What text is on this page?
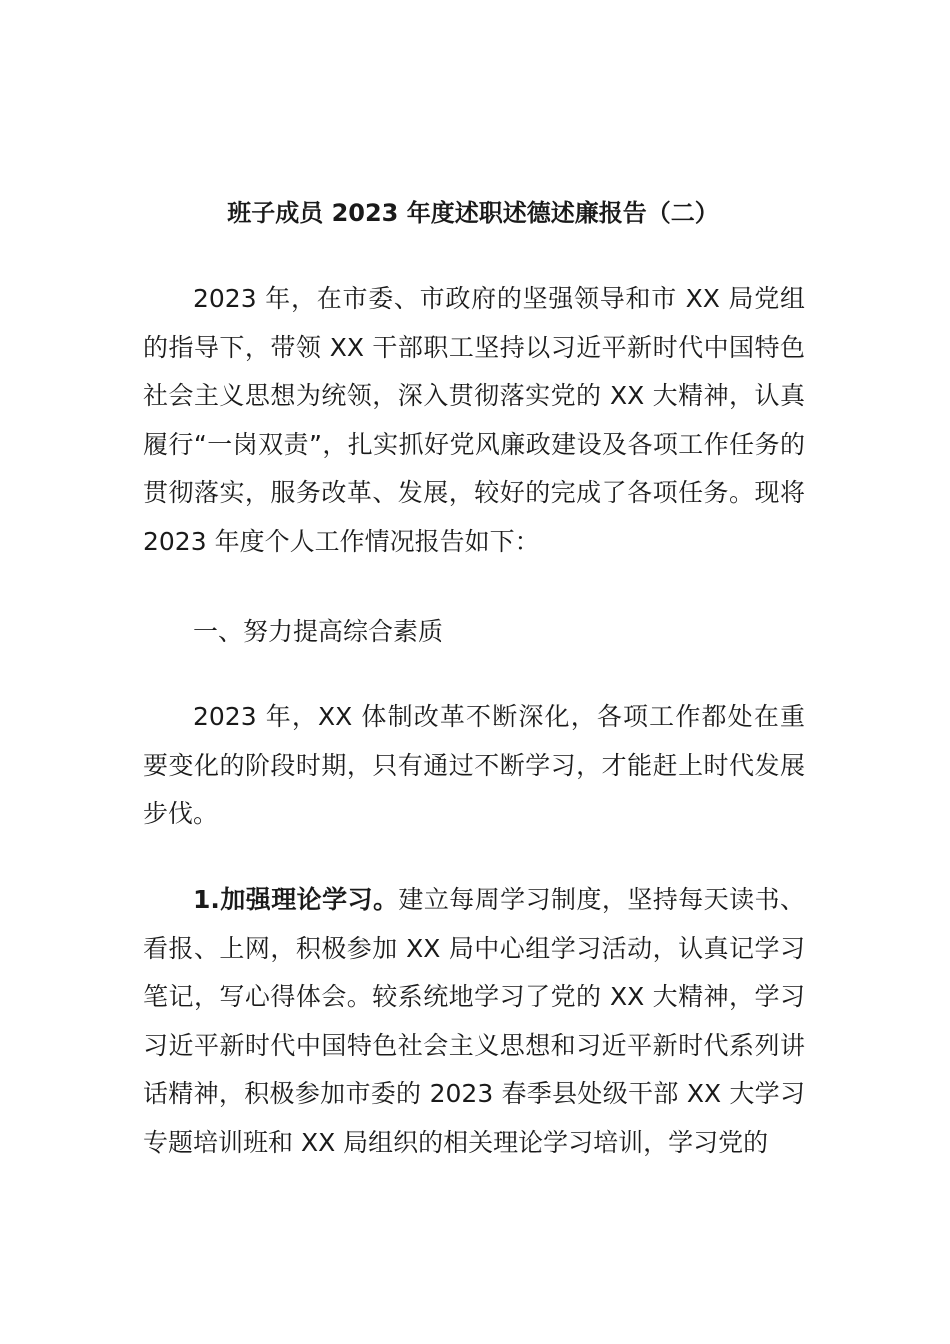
班子成员 2023 年度述职述德述廉报告（二）

2023 年，在市委、市政府的坚强领导和市 XX 局党组的指导下，带领 XX 干部职工坚持以习近平新时代中国特色社会主义思想为统领，深入贯彻落实党的 XX 大精神，认真履行“一岗双责”，扎实抓好党风廉政建设及各项工作任务的贯彻落实，服务改革、发展，较好的完成了各项任务。现将 2023 年度个人工作情况报告如下：

一、努力提高综合素质

2023 年，XX 体制改革不断深化，各项工作都处在重要变化的阶段时期，只有通过不断学习，才能赶上时代发展步伐。

1.加强理论学习。建立每周学习制度，坚持每天读书、看报、上网，积极参加 XX 局中心组学习活动，认真记学习笔记，写心得体会。较系统地学习了党的 XX 大精神，学习习近平新时代中国特色社会主义思想和习近平新时代系列讲话精神，积极参加市委的 2023 春季县处级干部 XX 大学习专题培训班和 XX 局组织的相关理论学习培训，学习党的
